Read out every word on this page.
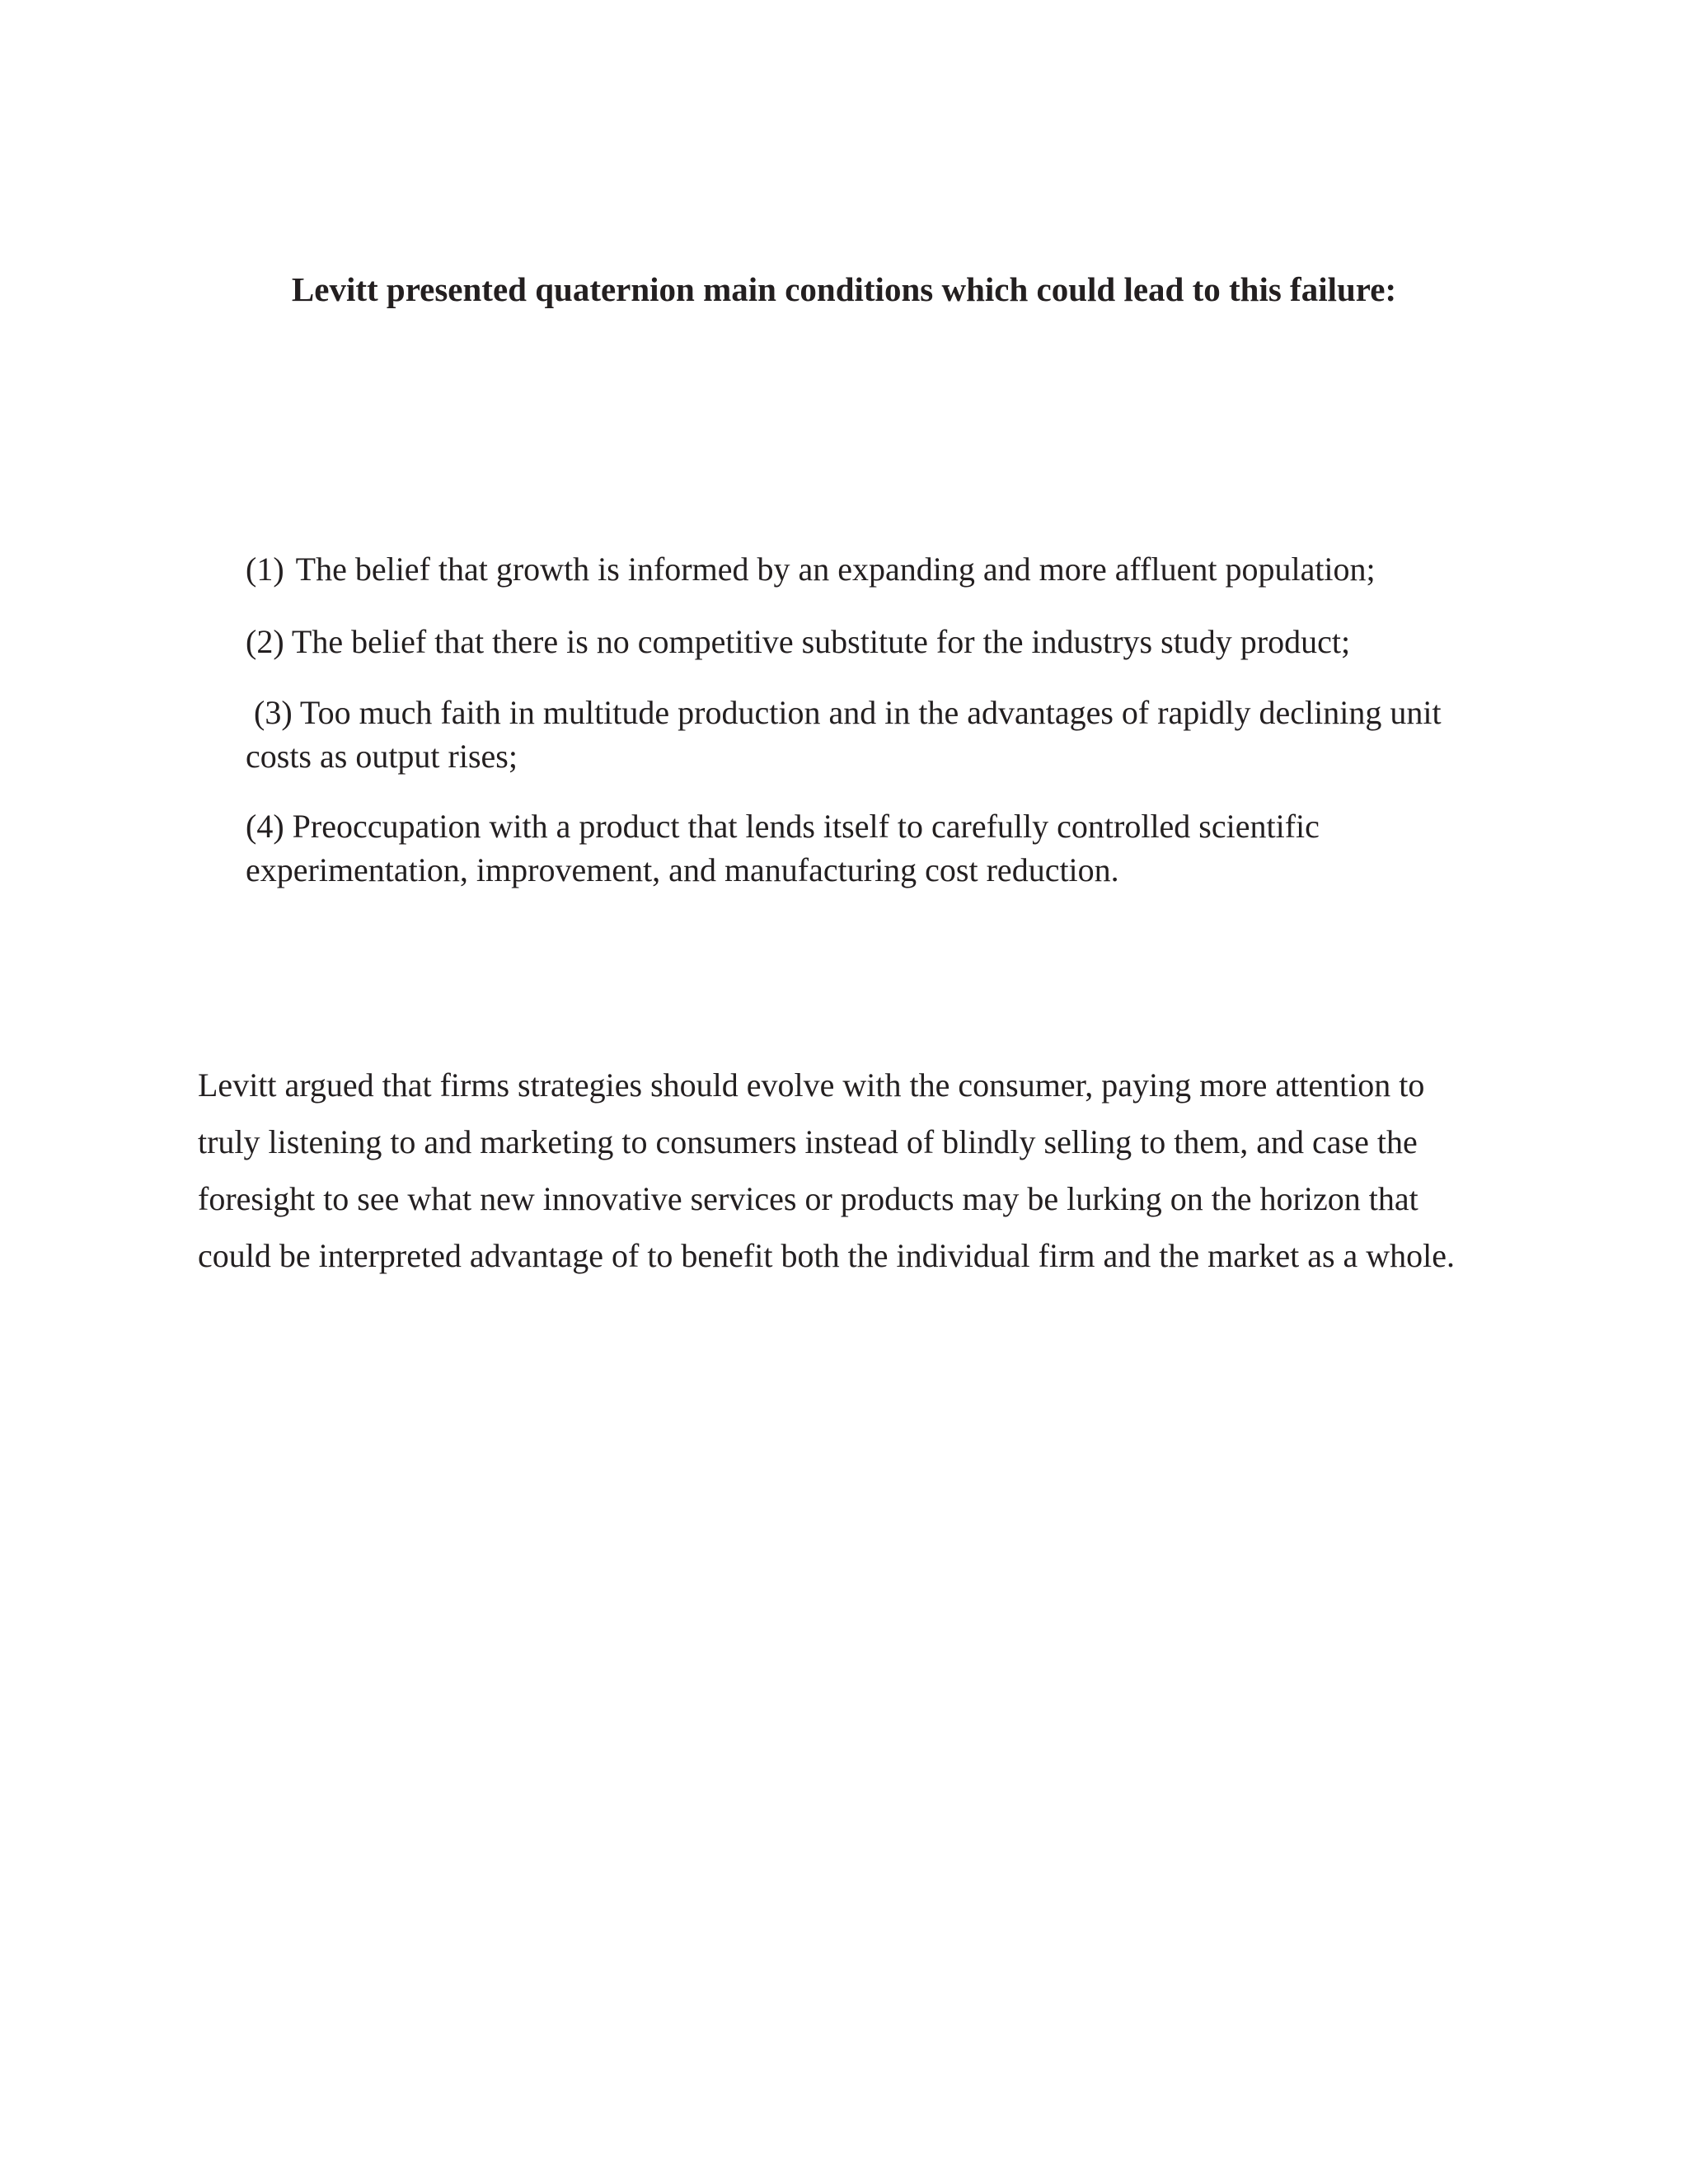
Levitt presented quaternion main conditions which could lead to this failure:
(1) The belief that growth is informed by an expanding and more affluent population;
(2) The belief that there is no competitive substitute for the industrys study product;
(3) Too much faith in multitude production and in the advantages of rapidly declining unit
costs as output rises;
(4) Preoccupation with a product that lends itself to carefully controlled scientific
experimentation, improvement, and manufacturing cost reduction.
Levitt argued that firms strategies should evolve with the consumer, paying more attention to
truly listening to and marketing to consumers instead of blindly selling to them, and case the
foresight to see what new innovative services or products may be lurking on the horizon that
could be interpreted advantage of to benefit both the individual firm and the market as a whole.
